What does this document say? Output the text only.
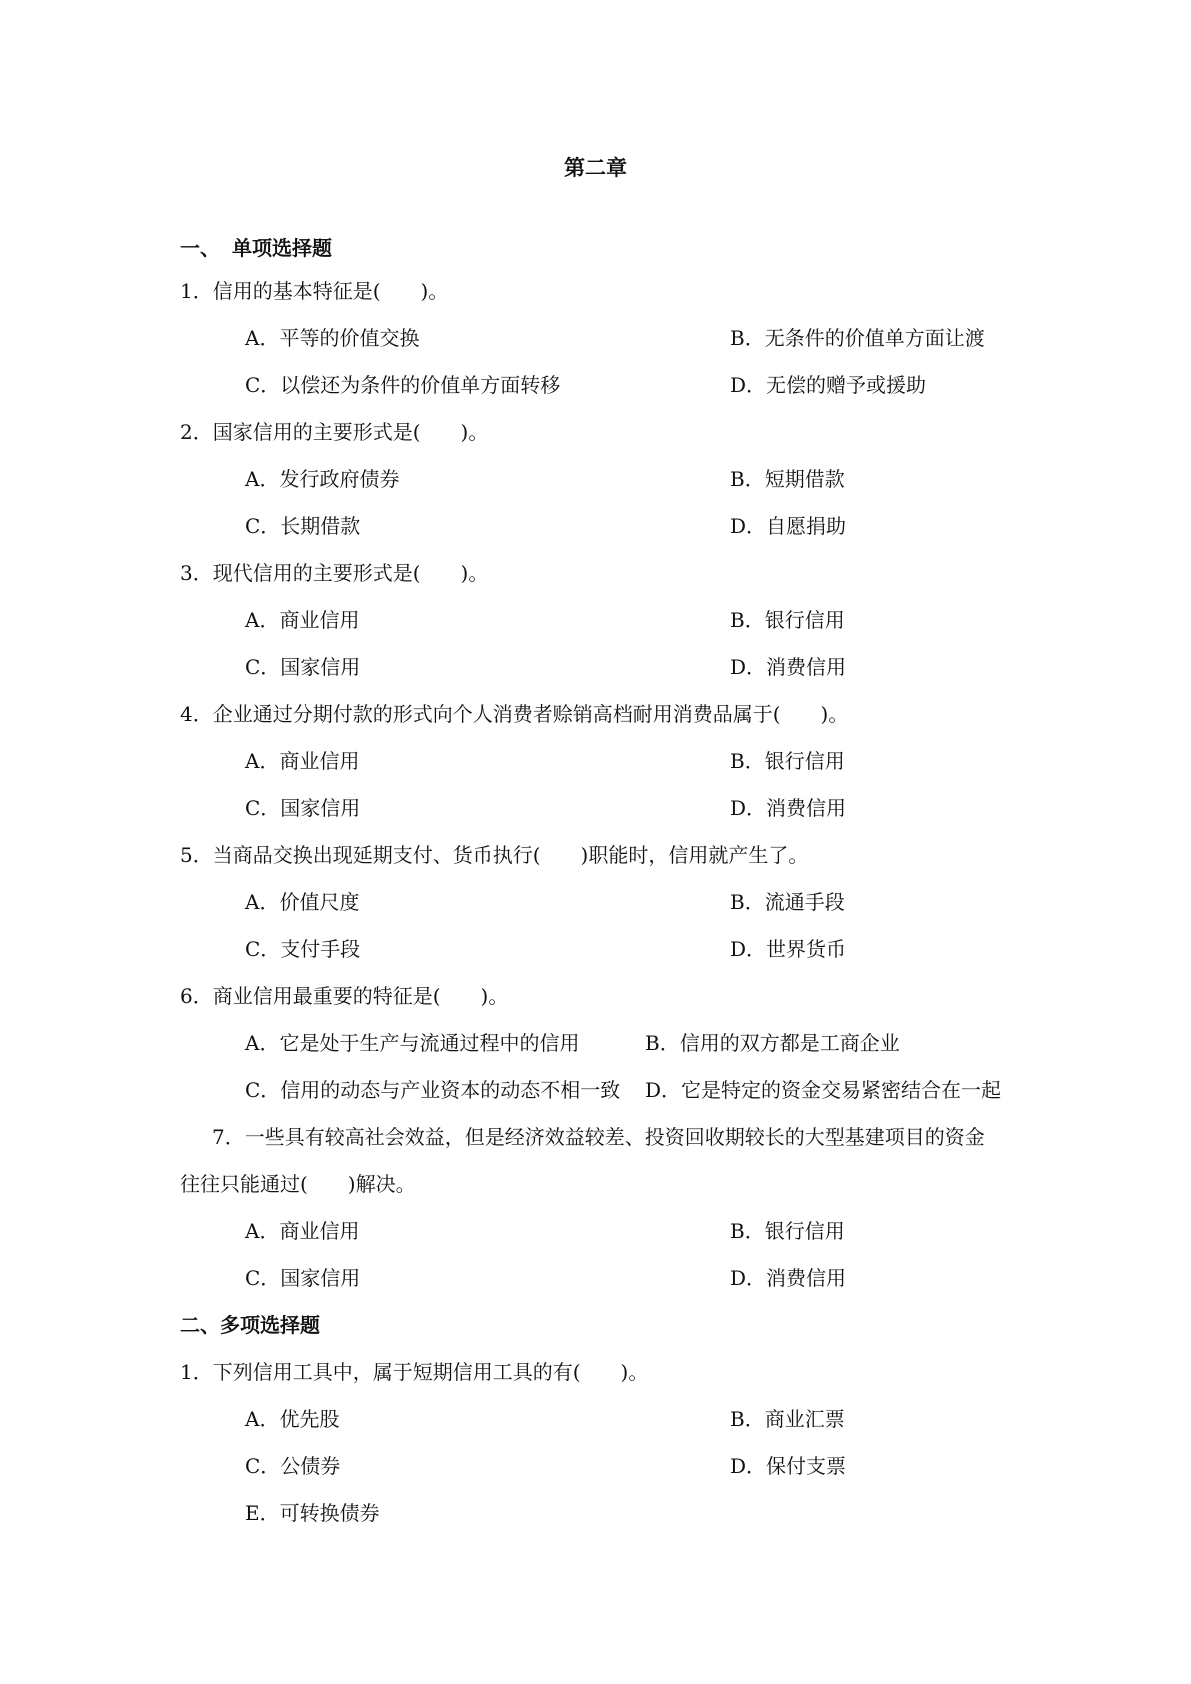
第二章
一、 单项选择题
1．信用的基本特征是(　　)。
A．平等的价值交换	B．无条件的价值单方面让渡
C．以偿还为条件的价值单方面转移	D．无偿的赠予或援助
2．国家信用的主要形式是(　　)。
A．发行政府债券	B．短期借款
C．长期借款	D．自愿捐助
3．现代信用的主要形式是(　　)。
A．商业信用	B．银行信用
C．国家信用	D．消费信用
4．企业通过分期付款的形式向个人消费者赊销高档耐用消费品属于(　　)。
A．商业信用	B．银行信用
C．国家信用	D．消费信用
5．当商品交换出现延期支付、货币执行(　　)职能时，信用就产生了。
A．价值尺度	B．流通手段
C．支付手段	D．世界货币
6．商业信用最重要的特征是(　　)。
A．它是处于生产与流通过程中的信用	B．信用的双方都是工商企业
C．信用的动态与产业资本的动态不相一致 D．它是特定的资金交易紧密结合在一起
7．一些具有较高社会效益，但是经济效益较差、投资回收期较长的大型基建项目的资金
往往只能通过(　　)解决。
A．商业信用	B．银行信用
C．国家信用	D．消费信用
二、多项选择题
1．下列信用工具中，属于短期信用工具的有(　　)。
A．优先股	B．商业汇票
C．公债券	D．保付支票
E．可转换债券
